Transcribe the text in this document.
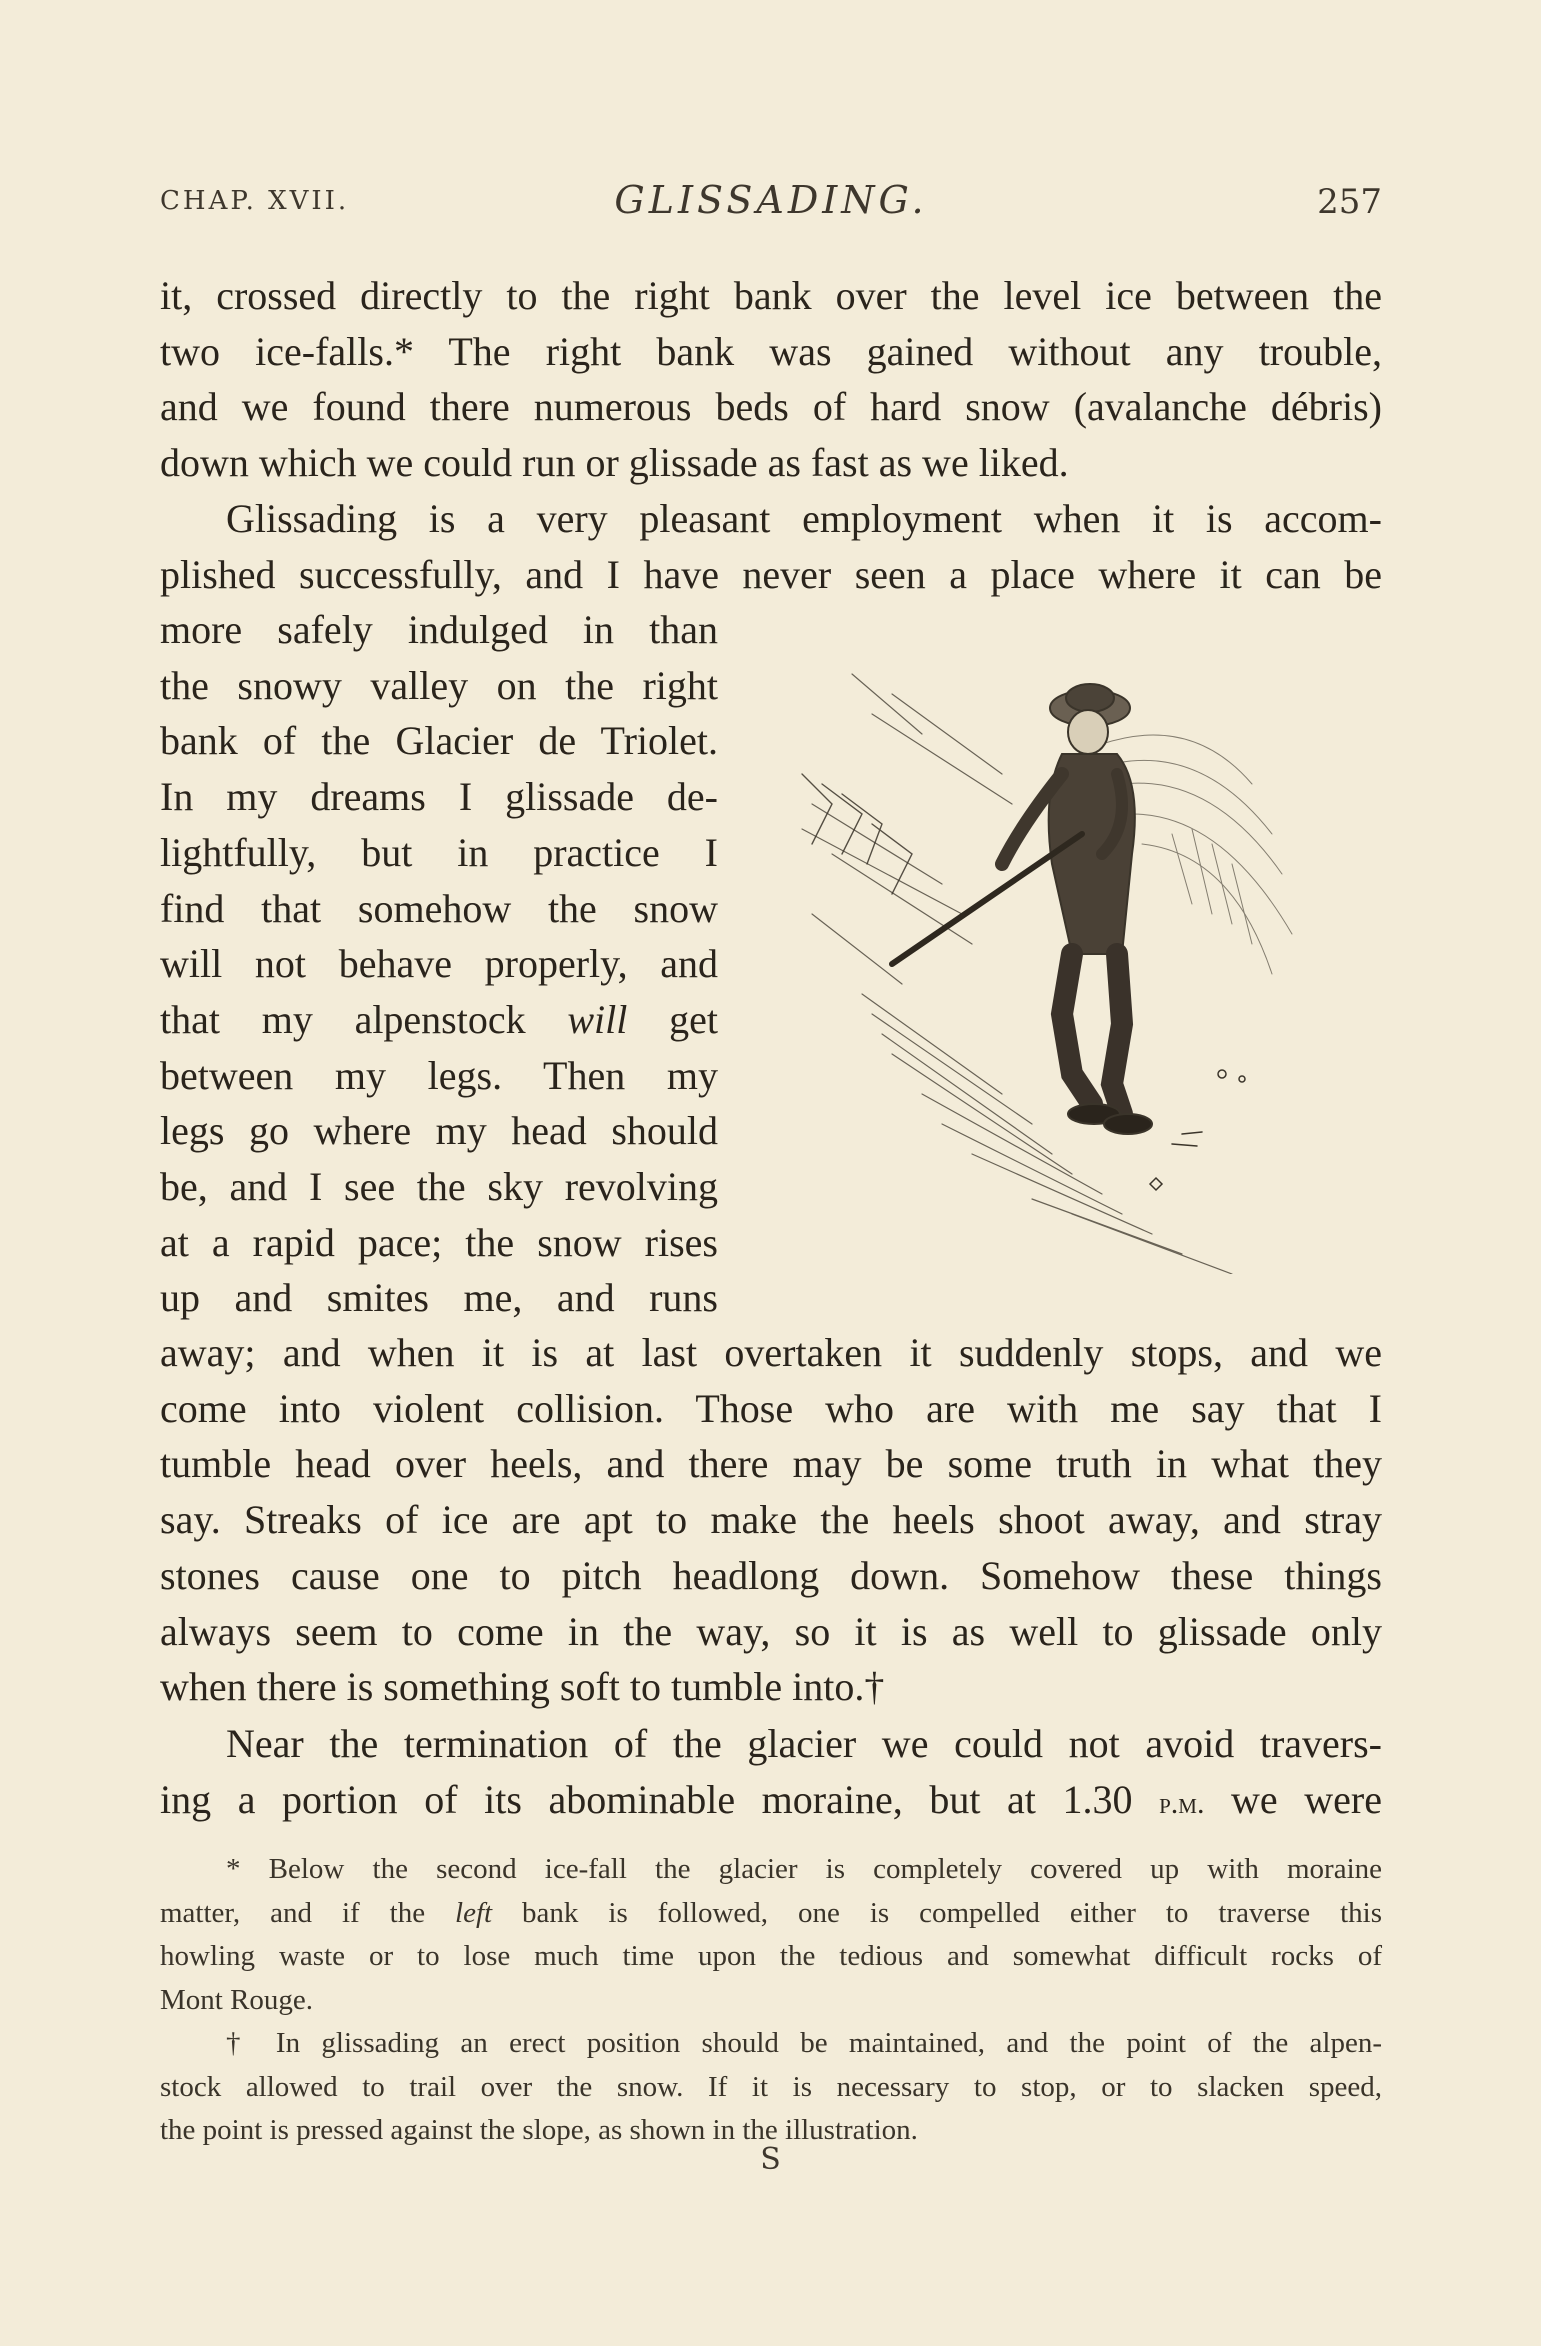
CHAP. XVII.	GLISSADING.	257
it, crossed directly to the right bank over the level ice between the
two ice-falls.* The right bank was gained without any trouble,
and we found there numerous beds of hard snow (avalanche débris)
down which we could run or glissade as fast as we liked.
Glissading is a very pleasant employment when it is accom-
plished successfully, and I have never seen a place where it can be
more safely indulged in than
the snowy valley on the right
bank of the Glacier de Triolet.
In my dreams I glissade de-
lightfully, but in practice I
find that somehow the snow
will not behave properly, and
that my alpenstock will get
between my legs. Then my
legs go where my head should
be, and I see the sky revolving
at a rapid pace; the snow rises
up and smites me, and runs
away; and when it is at last overtaken it suddenly stops, and we
come into violent collision. Those who are with me say that I
tumble head over heels, and there may be some truth in what they
say. Streaks of ice are apt to make the heels shoot away, and stray
stones cause one to pitch headlong down. Somehow these things
always seem to come in the way, so it is as well to glissade only
when there is something soft to tumble into.†
Near the termination of the glacier we could not avoid travers-
ing a portion of its abominable moraine, but at 1.30 p.m. we were
* Below the second ice-fall the glacier is completely covered up with moraine
matter, and if the left bank is followed, one is compelled either to traverse this
howling waste or to lose much time upon the tedious and somewhat difficult rocks of
Mont Rouge.
† In glissading an erect position should be maintained, and the point of the alpen-
stock allowed to trail over the snow. If it is necessary to stop, or to slacken speed,
the point is pressed against the slope, as shown in the illustration.
S
